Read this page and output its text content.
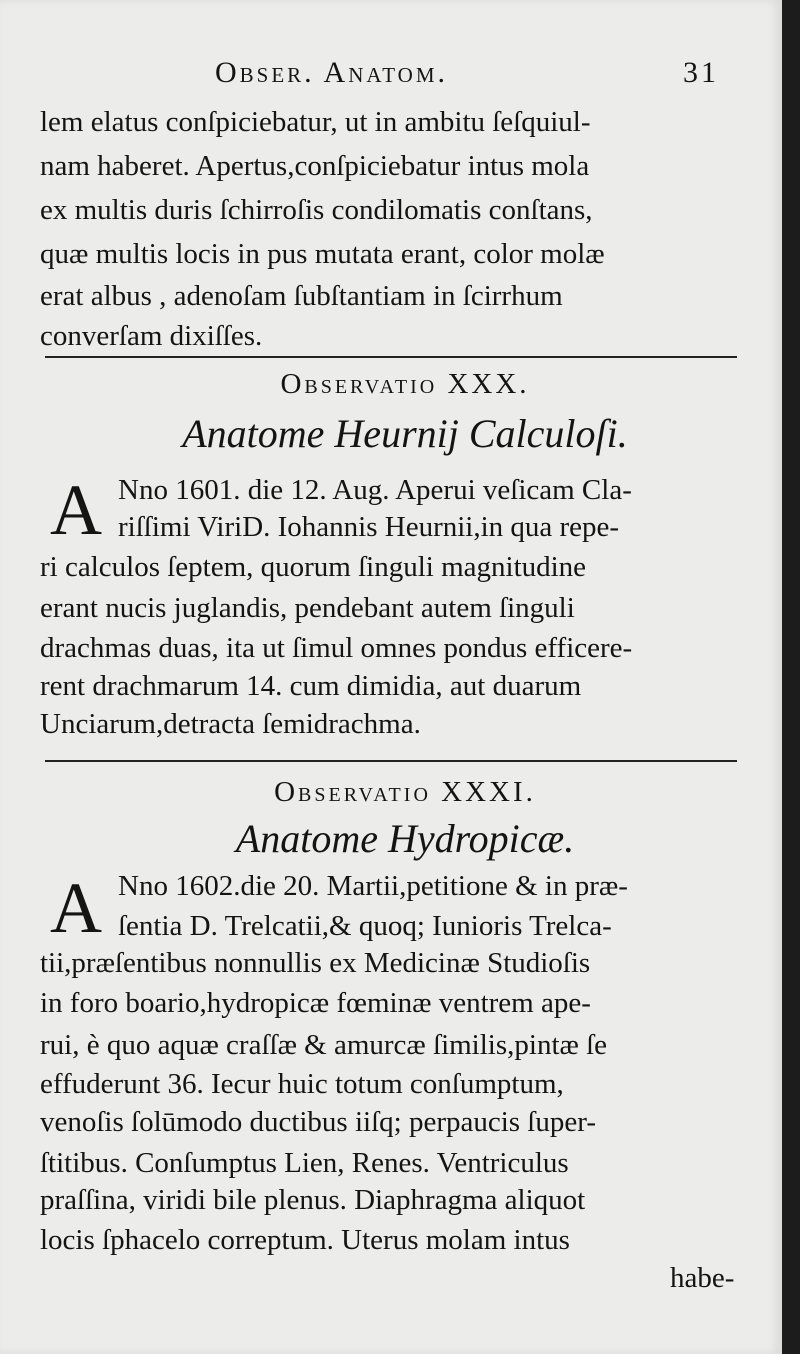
Obser. Anatom.	31
lem elatus conſpiciebatur, ut in ambitu ſeſquiul-
nam haberet. Apertus,conſpiciebatur intus mola
ex multis duris ſchirroſis condilomatis conſtans,
quæ multis locis in pus mutata erant, color molæ
erat albus , adenoſam ſubſtantiam in ſcirrhum
converſam dixiſſes.
Observatio XXX.
Anatome Heurnij Calculoſi.
A Nno 1601. die 12. Aug. Aperui veſicam Cla-
riſſimi ViriD. Iohannis Heurnii,in qua repe-
ri calculos ſeptem, quorum ſinguli magnitudine
erant nucis juglandis, pendebant autem ſinguli
drachmas duas, ita ut ſimul omnes pondus efficere-
rent drachmarum 14. cum dimidia, aut duarum
Unciarum,detracta ſemidrachma.
Observatio XXXI.
Anatome Hydropicæ.
A Nno 1602.die 20. Martii,petitione & in præ-
ſentia D. Trelcatii,& quoq; Iunioris Trelca-
tii,præſentibus nonnullis ex Medicinæ Studioſis
in foro boario,hydropicæ fœminæ ventrem ape-
rui, è quo aquæ craſſæ & amurcæ ſimilis,pintæ ſe
effuderunt 36. Iecur huic totum conſumptum,
venoſis ſolūmodo ductibus iiſq; perpaucis ſuper-
ſtitibus. Conſumptus Lien, Renes. Ventriculus
praſſina, viridi bile plenus. Diaphragma aliquot
locis ſphacelo correptum. Uterus molam intus
habe-
